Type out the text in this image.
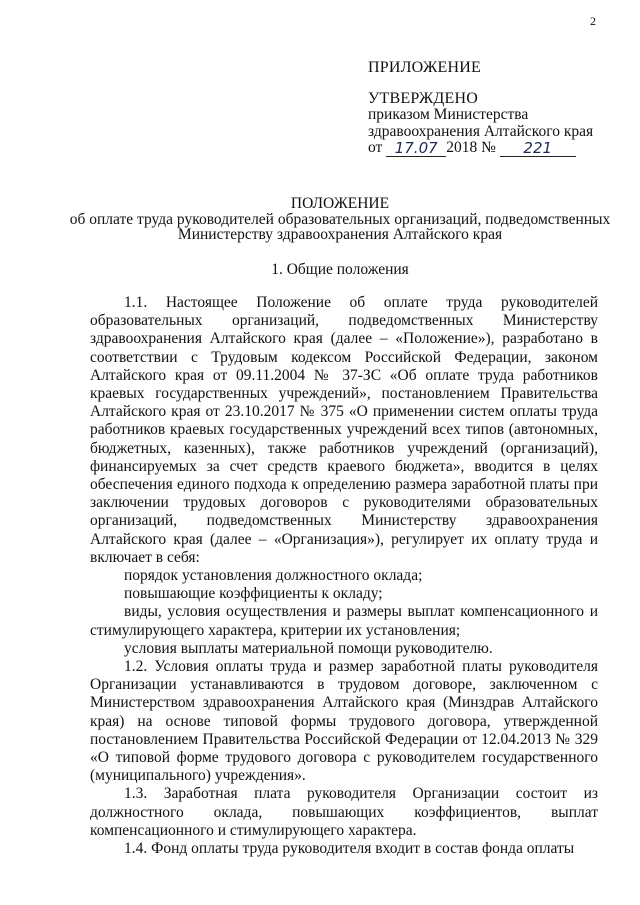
2
ПРИЛОЖЕНИЕ
УТВЕРЖДЕНО
приказом Министерства
здравоохранения Алтайского края
от
17.07 2018 №
	221
ПОЛОЖЕНИЕ
об оплате труда руководителей образовательных организаций, подведомственных Министерству здравоохранения Алтайского края
1. Общие положения

1.1. Настоящее Положение об оплате труда руководителей образовательных организаций, подведомственных Министерству здравоохранения Алтайского края (далее – «Положение»), разработано в соответствии с Трудовым кодексом Российской Федерации, законом Алтайского края от 09.11.2004 № 37-ЗС «Об оплате труда работников краевых государственных учреждений», постановлением Правительства Алтайского края от 23.10.2017 № 375 «О применении систем оплаты труда работников краевых государственных учреждений всех типов (автономных, бюджетных, казенных), также работников учреждений (организаций), финансируемых за счет средств краевого бюджета», вводится в целях обеспечения единого подхода к определению размера заработной платы при заключении трудовых договоров с руководителями образовательных организаций, подведомственных Министерству здравоохранения Алтайского края (далее – «Организация»), регулирует их оплату труда и включает в себя:

порядок установления должностного оклада;

повышающие коэффициенты к окладу;

виды, условия осуществления и размеры выплат компенсационного и стимулирующего характера, критерии их установления;

условия выплаты материальной помощи руководителю.

1.2. Условия оплаты труда и размер заработной платы руководителя Организации устанавливаются в трудовом договоре, заключенном с Министерством здравоохранения Алтайского края (Минздрав Алтайского края) на основе типовой формы трудового договора, утвержденной постановлением Правительства Российской Федерации от 12.04.2013 № 329 «О типовой форме трудового договора с руководителем государственного (муниципального) учреждения».

1.3. Заработная плата руководителя Организации состоит из должностного оклада, повышающих коэффициентов, выплат компенсационного и стимулирующего характера.

1.4. Фонд оплаты труда руководителя входит в состав фонда оплаты
